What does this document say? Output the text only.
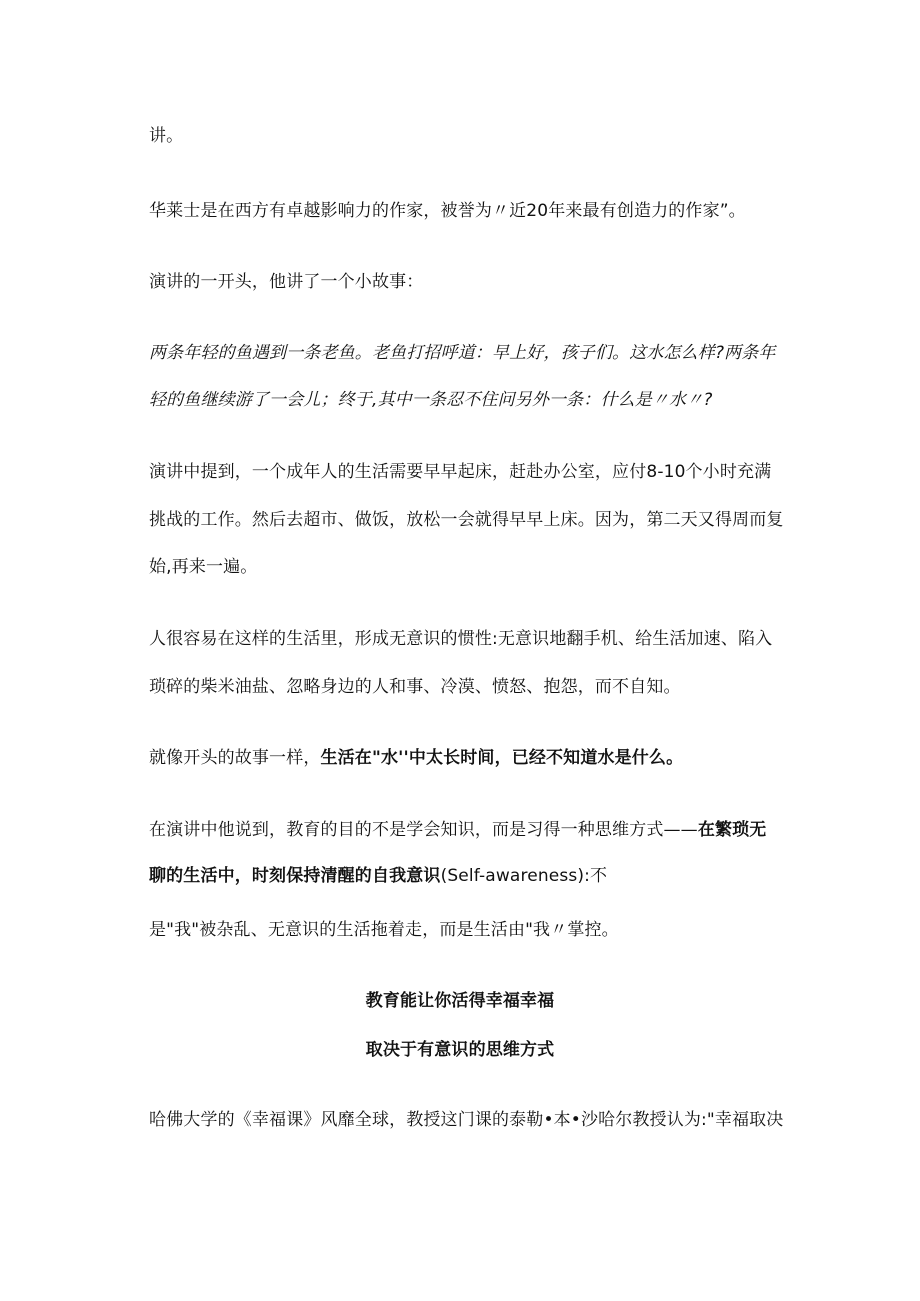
讲。
华莱士是在西方有卓越影响力的作家，被誉为〃近20年来最有创造力的作家”。
演讲的一开头，他讲了一个小故事：
两条年轻的鱼遇到一条老鱼。老鱼打招呼道：早上好，孩子们。这水怎么样?两条年
轻的鱼继续游了一会儿；终于,其中一条忍不住问另外一条：什么是〃水〃?
演讲中提到，一个成年人的生活需要早早起床，赶赴办公室，应付8-10个小时充满
挑战的工作。然后去超市、做饭，放松一会就得早早上床。因为，第二天又得周而复
始,再来一遍。
人很容易在这样的生活里，形成无意识的惯性:无意识地翻手机、给生活加速、陷入
琐碎的柴米油盐、忽略身边的人和事、冷漠、愤怒、抱怨，而不自知。
就像开头的故事一样，生活在"水''中太长时间，已经不知道水是什么。
在演讲中他说到，教育的目的不是学会知识，而是习得一种思维方式——在繁琐无
聊的生活中，时刻保持清醒的自我意识(Self-awareness):不
是"我"被杂乱、无意识的生活拖着走，而是生活由"我〃掌控。
教育能让你活得幸福幸福
取决于有意识的思维方式
哈佛大学的《幸福课》风靡全球，教授这门课的泰勒•本•沙哈尔教授认为:"幸福取决
